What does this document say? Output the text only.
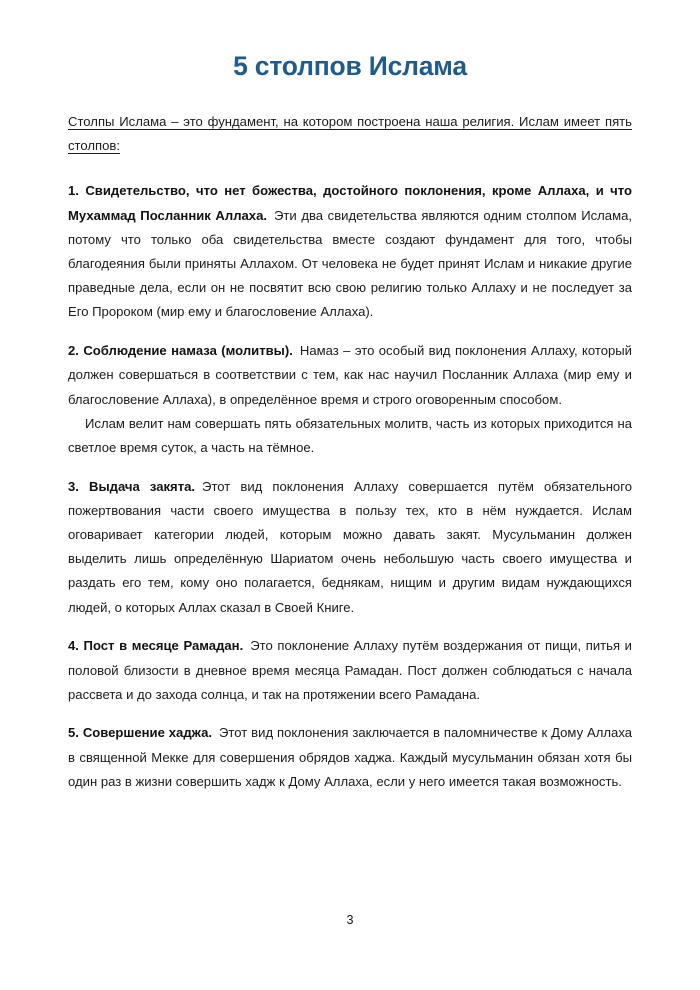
5 столпов Ислама

Столпы Ислама – это фундамент, на котором построена наша религия. Ислам имеет пять столпов:

1. Свидетельство, что нет божества, достойного поклонения, кроме Аллаха, и что Мухаммад Посланник Аллаха. Эти два свидетельства являются одним столпом Ислама, потому что только оба свидетельства вместе создают фундамент для того, чтобы благодеяния были приняты Аллахом. От человека не будет принят Ислам и никакие другие праведные дела, если он не посвятит всю свою религию только Аллаху и не последует за Его Пророком (мир ему и благословение Аллаха).

2. Соблюдение намаза (молитвы). Намаз – это особый вид поклонения Аллаху, который должен совершаться в соответствии с тем, как нас научил Посланник Аллаха (мир ему и благословение Аллаха), в определённое время и строго оговоренным способом.

Ислам велит нам совершать пять обязательных молитв, часть из которых приходится на светлое время суток, а часть на тёмное.

3. Выдача закята. Этот вид поклонения Аллаху совершается путём обязательного пожертвования части своего имущества в пользу тех, кто в нём нуждается. Ислам оговаривает категории людей, которым можно давать закят. Мусульманин должен выделить лишь определённую Шариатом очень небольшую часть своего имущества и раздать его тем, кому оно полагается, беднякам, нищим и другим видам нуждающихся людей, о которых Аллах сказал в Своей Книге.

4. Пост в месяце Рамадан. Это поклонение Аллаху путём воздержания от пищи, питья и половой близости в дневное время месяца Рамадан. Пост должен соблюдаться с начала рассвета и до захода солнца, и так на протяжении всего Рамадана.

5. Совершение хаджа. Этот вид поклонения заключается в паломничестве к Дому Аллаха в священной Мекке для совершения обрядов хаджа. Каждый мусульманин обязан хотя бы один раз в жизни совершить хадж к Дому Аллаха, если у него имеется такая возможность.

3
